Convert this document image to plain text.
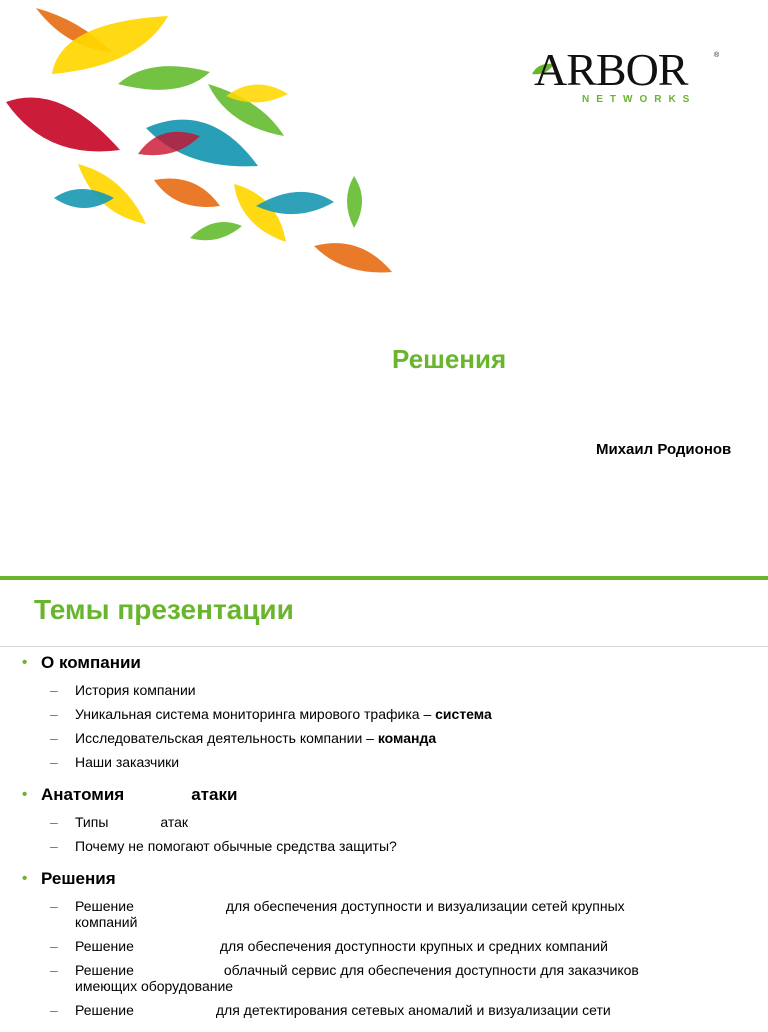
ARBOR	®
NETWORKS
Решения
Михаил Родионов
Темы презентации
• О компании
– История компании
– Уникальная система мониторинга мирового трафика – система
– Исследовательская деятельность компании – команда
– Наши заказчики
• Анатомия	атаки
– Типы	атак
– Почему не помогают обычные средства защиты?
• Решения
– Решение	для обеспечения доступности и визуализации сетей крупных
компаний
– Решение	для обеспечения доступности крупных и средних компаний
– Решение	облачный сервис для обеспечения доступности для заказчиков
имеющих оборудование
– Решение	для детектирования сетевых аномалий и визуализации сети
